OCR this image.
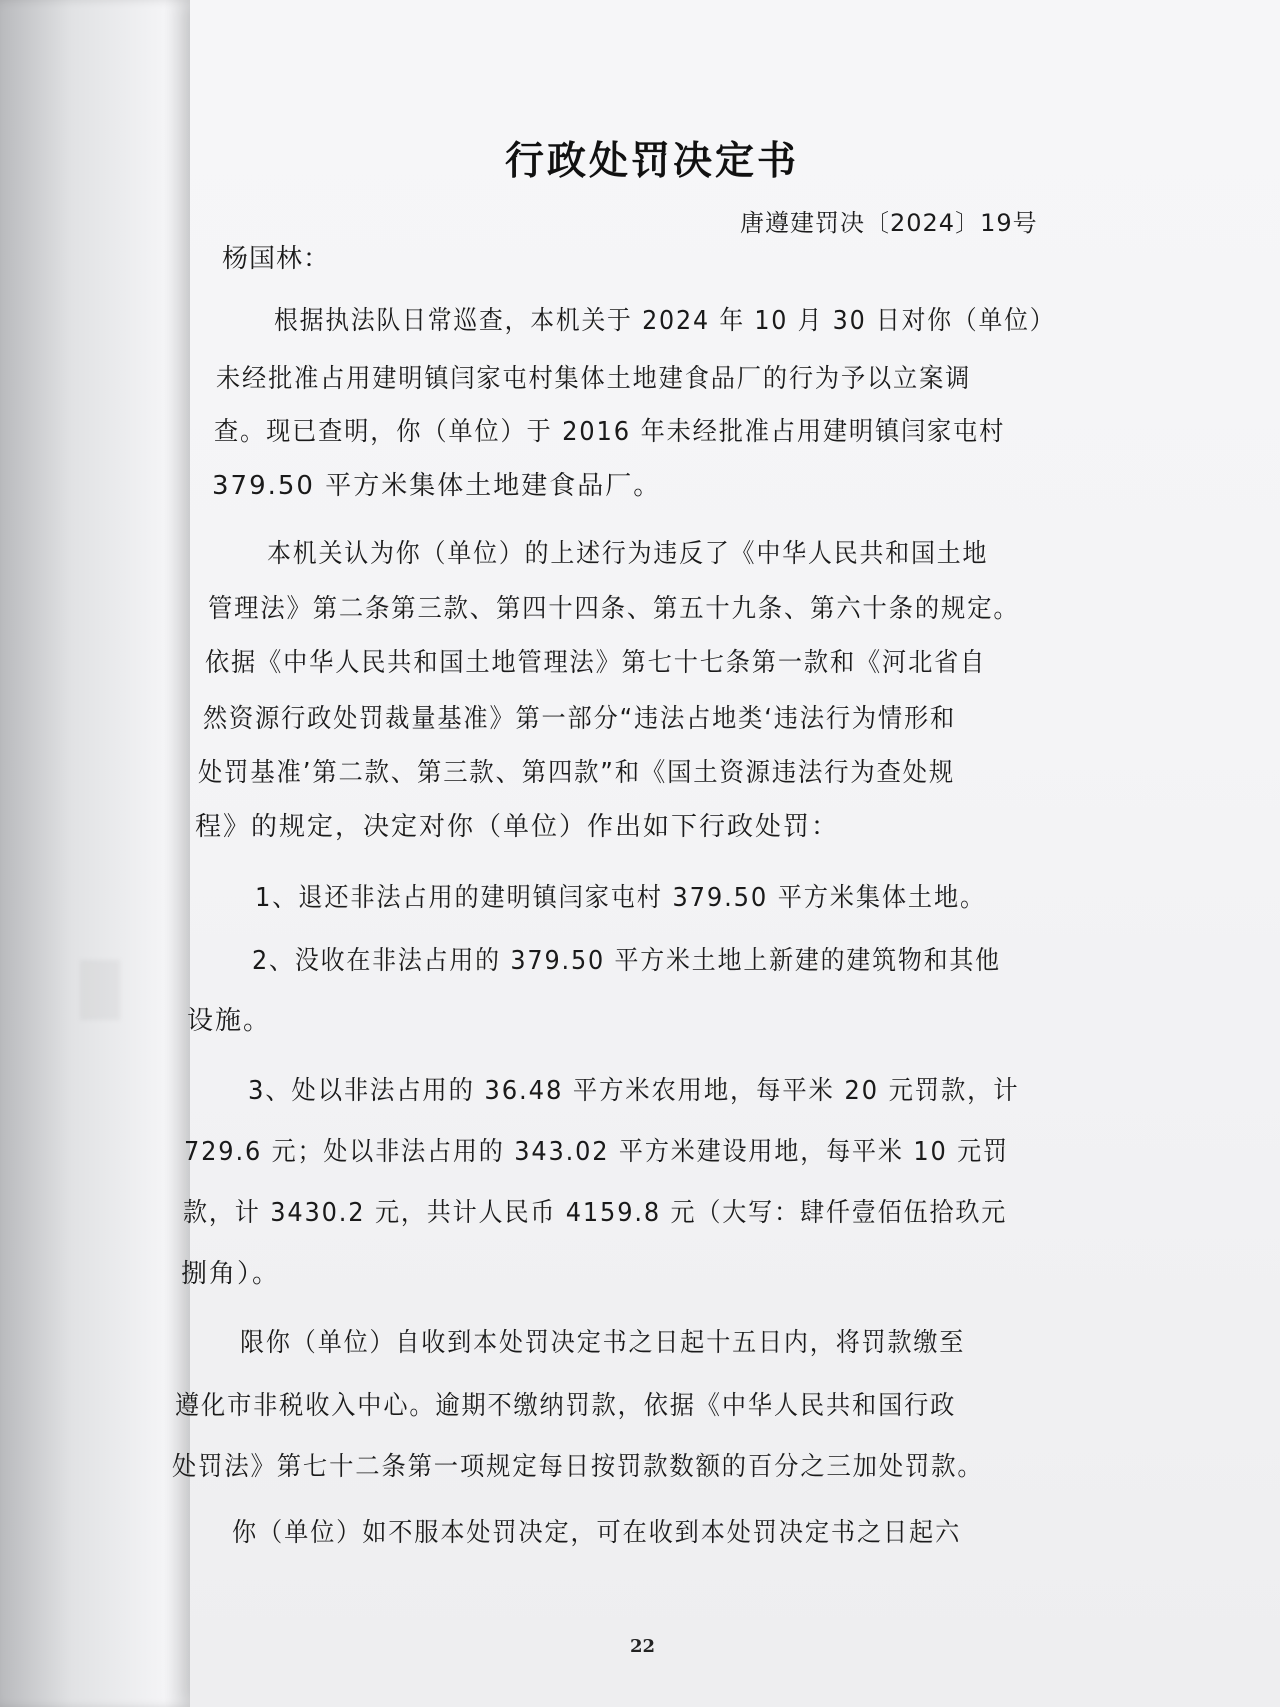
行政处罚决定书
唐遵建罚决〔2024〕19号
杨国林：
根据执法队日常巡查，本机关于 2024 年 10 月 30 日对你（单位）
未经批准占用建明镇闫家屯村集体土地建食品厂的行为予以立案调
查。现已查明，你（单位）于 2016 年未经批准占用建明镇闫家屯村
379.50 平方米集体土地建食品厂。
本机关认为你（单位）的上述行为违反了《中华人民共和国土地
管理法》第二条第三款、第四十四条、第五十九条、第六十条的规定。
依据《中华人民共和国土地管理法》第七十七条第一款和《河北省自
然资源行政处罚裁量基准》第一部分“违法占地类‘违法行为情形和
处罚基准’第二款、第三款、第四款”和《国土资源违法行为查处规
程》的规定，决定对你（单位）作出如下行政处罚：
1、退还非法占用的建明镇闫家屯村 379.50 平方米集体土地。
2、没收在非法占用的 379.50 平方米土地上新建的建筑物和其他
设施。
3、处以非法占用的 36.48 平方米农用地，每平米 20 元罚款，计
729.6 元；处以非法占用的 343.02 平方米建设用地，每平米 10 元罚
款，计 3430.2 元，共计人民币 4159.8 元（大写：肆仟壹佰伍拾玖元
捌角）。
限你（单位）自收到本处罚决定书之日起十五日内，将罚款缴至
遵化市非税收入中心。逾期不缴纳罚款，依据《中华人民共和国行政
处罚法》第七十二条第一项规定每日按罚款数额的百分之三加处罚款。
你（单位）如不服本处罚决定，可在收到本处罚决定书之日起六
22
